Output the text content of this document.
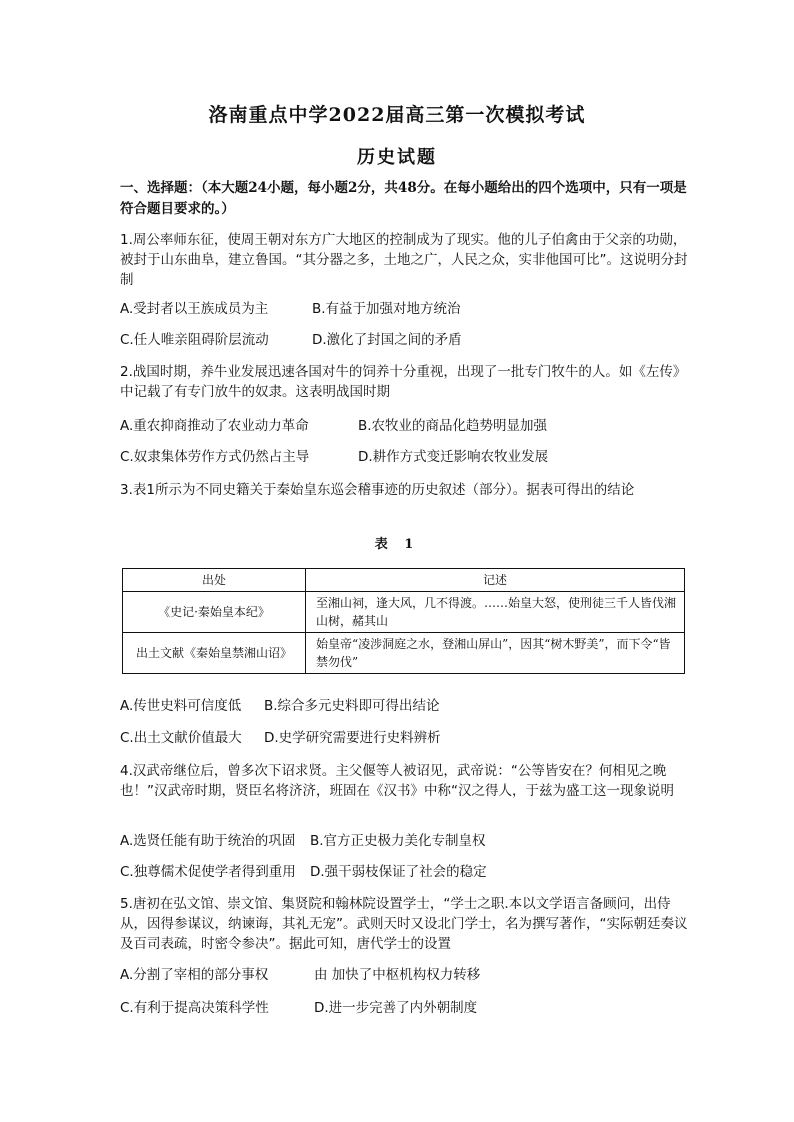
洛南重点中学2022届高三第一次模拟考试
历史试题
一、选择题：（本大题24小题，每小题2分，共48分。在每小题给出的四个选项中，只有一项是符合题目要求的。）
1.周公率师东征，使周王朝对东方广大地区的控制成为了现实。他的儿子伯禽由于父亲的功勋，被封于山东曲阜，建立鲁国。“其分器之多，土地之广，人民之众，实非他国可比”。这说明分封制
A.受封者以王族成员为主	B.有益于加强对地方统治
C.任人唯亲阻碍阶层流动	D.激化了封国之间的矛盾
2.战国时期，养牛业发展迅速各国对牛的饲养十分重视，出现了一批专门牧牛的人。如《左传》中记载了有专门放牛的奴隶。这表明战国时期
A.重农抑商推动了农业动力革命	B.农牧业的商品化趋势明显加强
C.奴隶集体劳作方式仍然占主导	D.耕作方式变迁影响农牧业发展
3.表1所示为不同史籍关于秦始皇东巡会稽事迹的历史叙述（部分）。据表可得出的结论
表 1
出处	记述
《史记·秦始皇本纪》	至湘山祠，逢大风，几不得渡。……始皇大怒，使刑徒三千人皆伐湘山树，赭其山
出土文献《秦始皇禁湘山诏》	始皇帝“凌涉洞庭之水，登湘山屏山”，因其“树木野美”，而下令“皆禁勿伐”
A.传世史料可信度低 B.综合多元史料即可得出结论
C.出土文献价值最大 D.史学研究需要进行史料辨析
4.汉武帝继位后，曾多次下诏求贤。主父偃等人被诏见，武帝说：“公等皆安在？何相见之晚也！”汉武帝时期，贤臣名将济济，班固在《汉书》中称“汉之得人，于兹为盛工这一现象说明
A.选贤任能有助于统治的巩固 B.官方正史极力美化专制皇权
C.独尊儒术促使学者得到重用 D.强干弱枝保证了社会的稳定
5.唐初在弘文馆、崇文馆、集贤院和翰林院设置学士，“学士之职.本以文学语言备顾问，出侍从，因得参谋议，纳谏诲，其礼无宠”。武则天时又设北门学士，名为撰写著作，“实际朝廷奏议及百司表疏，时密令参决”。据此可知，唐代学士的设置
A.分割了宰相的部分事权	由 加快了中枢机构权力转移
C.有利于提高决策科学性	D.进一步完善了内外朝制度
